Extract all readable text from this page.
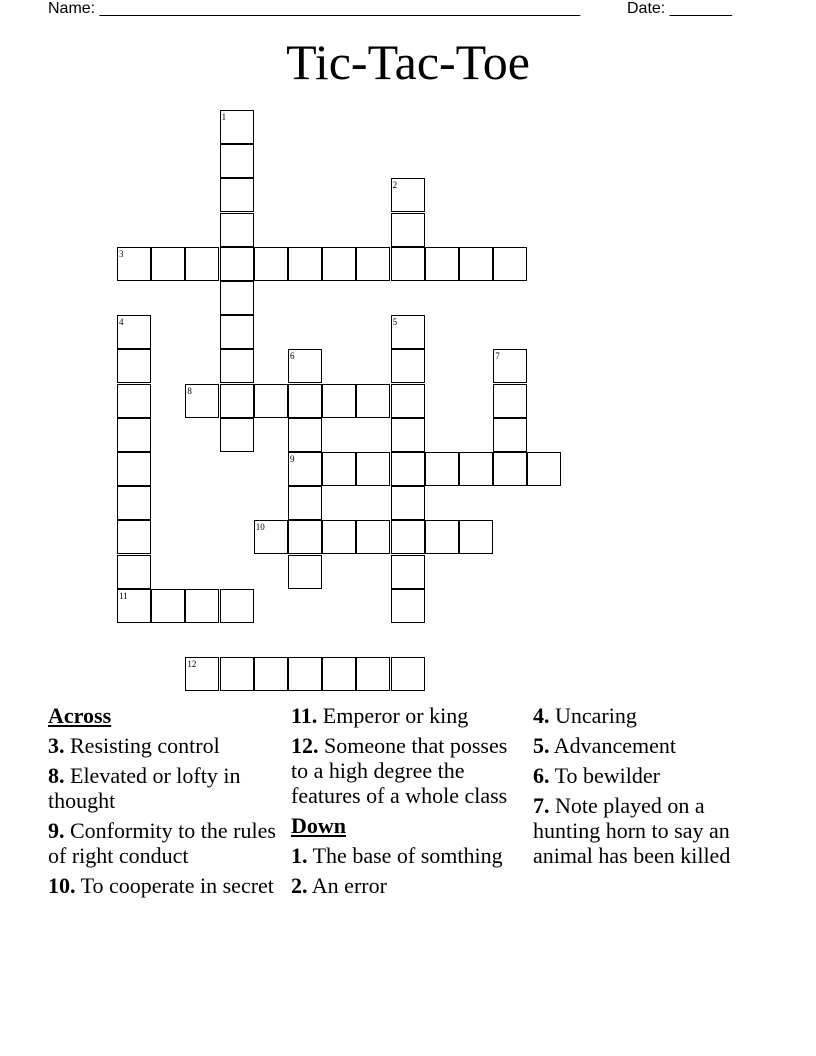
Name: ______________________________________________________	Date: _______
Tic-Tac-Toe
1
2
3
4
11
5
6
9
7
8
10
12
Across
3. Resisting control
8. Elevated or lofty in thought
9. Conformity to the rules of right conduct
10. To cooperate in secret
11. Emperor or king
12. Someone that posses to a high degree the features of a whole class
Down
1. The base of somthing
2. An error
4. Uncaring
5. Advancement
6. To bewilder
7. Note played on a hunting horn to say an animal has been killed
